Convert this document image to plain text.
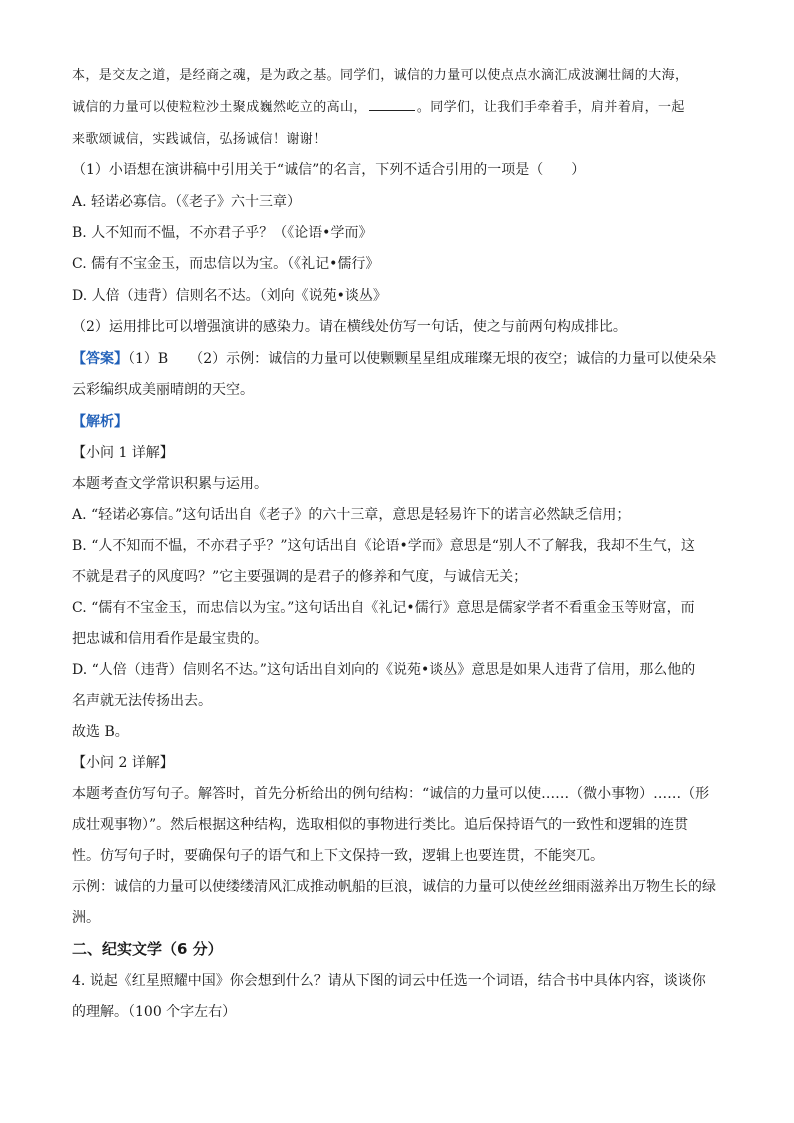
本，是交友之道，是经商之魂，是为政之基。同学们，诚信的力量可以使点点水滴汇成波澜壮阔的大海，
诚信的力量可以使粒粒沙土聚成巍然屹立的高山，	。同学们，让我们手牵着手，肩并着肩，一起
来歌颂诚信，实践诚信，弘扬诚信！谢谢！
（1）小语想在演讲稿中引用关于“诚信”的名言，下列不适合引用的一项是（　　）
A. 轻诺必寡信。（《老子》六十三章）
B. 人不知而不愠，不亦君子乎？（《论语•学而》
C. 儒有不宝金玉，而忠信以为宝。（《礼记•儒行》
D. 人倍（违背）信则名不达。（刘向《说苑•谈丛》
（2）运用排比可以增强演讲的感染力。请在横线处仿写一句话，使之与前两句构成排比。
【答案】（1）B　　（2）示例：诚信的力量可以使颗颗星星组成璀璨无垠的夜空；诚信的力量可以使朵朵
云彩编织成美丽晴朗的天空。
【解析】
【小问 1 详解】
本题考查文学常识积累与运用。
A. “轻诺必寡信。”这句话出自《老子》的六十三章，意思是轻易许下的诺言必然缺乏信用；
B. “人不知而不愠，不亦君子乎？”这句话出自《论语•学而》意思是“别人不了解我，我却不生气，这
不就是君子的风度吗？”它主要强调的是君子的修养和气度，与诚信无关；
C. “儒有不宝金玉，而忠信以为宝。”这句话出自《礼记•儒行》意思是儒家学者不看重金玉等财富，而
把忠诚和信用看作是最宝贵的。
D. “人倍（违背）信则名不达。”这句话出自刘向的《说苑•谈丛》意思是如果人违背了信用，那么他的
名声就无法传扬出去。
故选 B。
【小问 2 详解】
本题考查仿写句子。解答时，首先分析给出的例句结构：“诚信的力量可以使……（微小事物）……（形
成壮观事物）”。然后根据这种结构，选取相似的事物进行类比。追后保持语气的一致性和逻辑的连贯
性。仿写句子时，要确保句子的语气和上下文保持一致，逻辑上也要连贯，不能突兀。
示例：诚信的力量可以使缕缕清风汇成推动帆船的巨浪，诚信的力量可以使丝丝细雨滋养出万物生长的绿
洲。
二、纪实文学（6 分）
4. 说起《红星照耀中国》你会想到什么？请从下图的词云中任选一个词语，结合书中具体内容，谈谈你
的理解。（100 个字左右）
